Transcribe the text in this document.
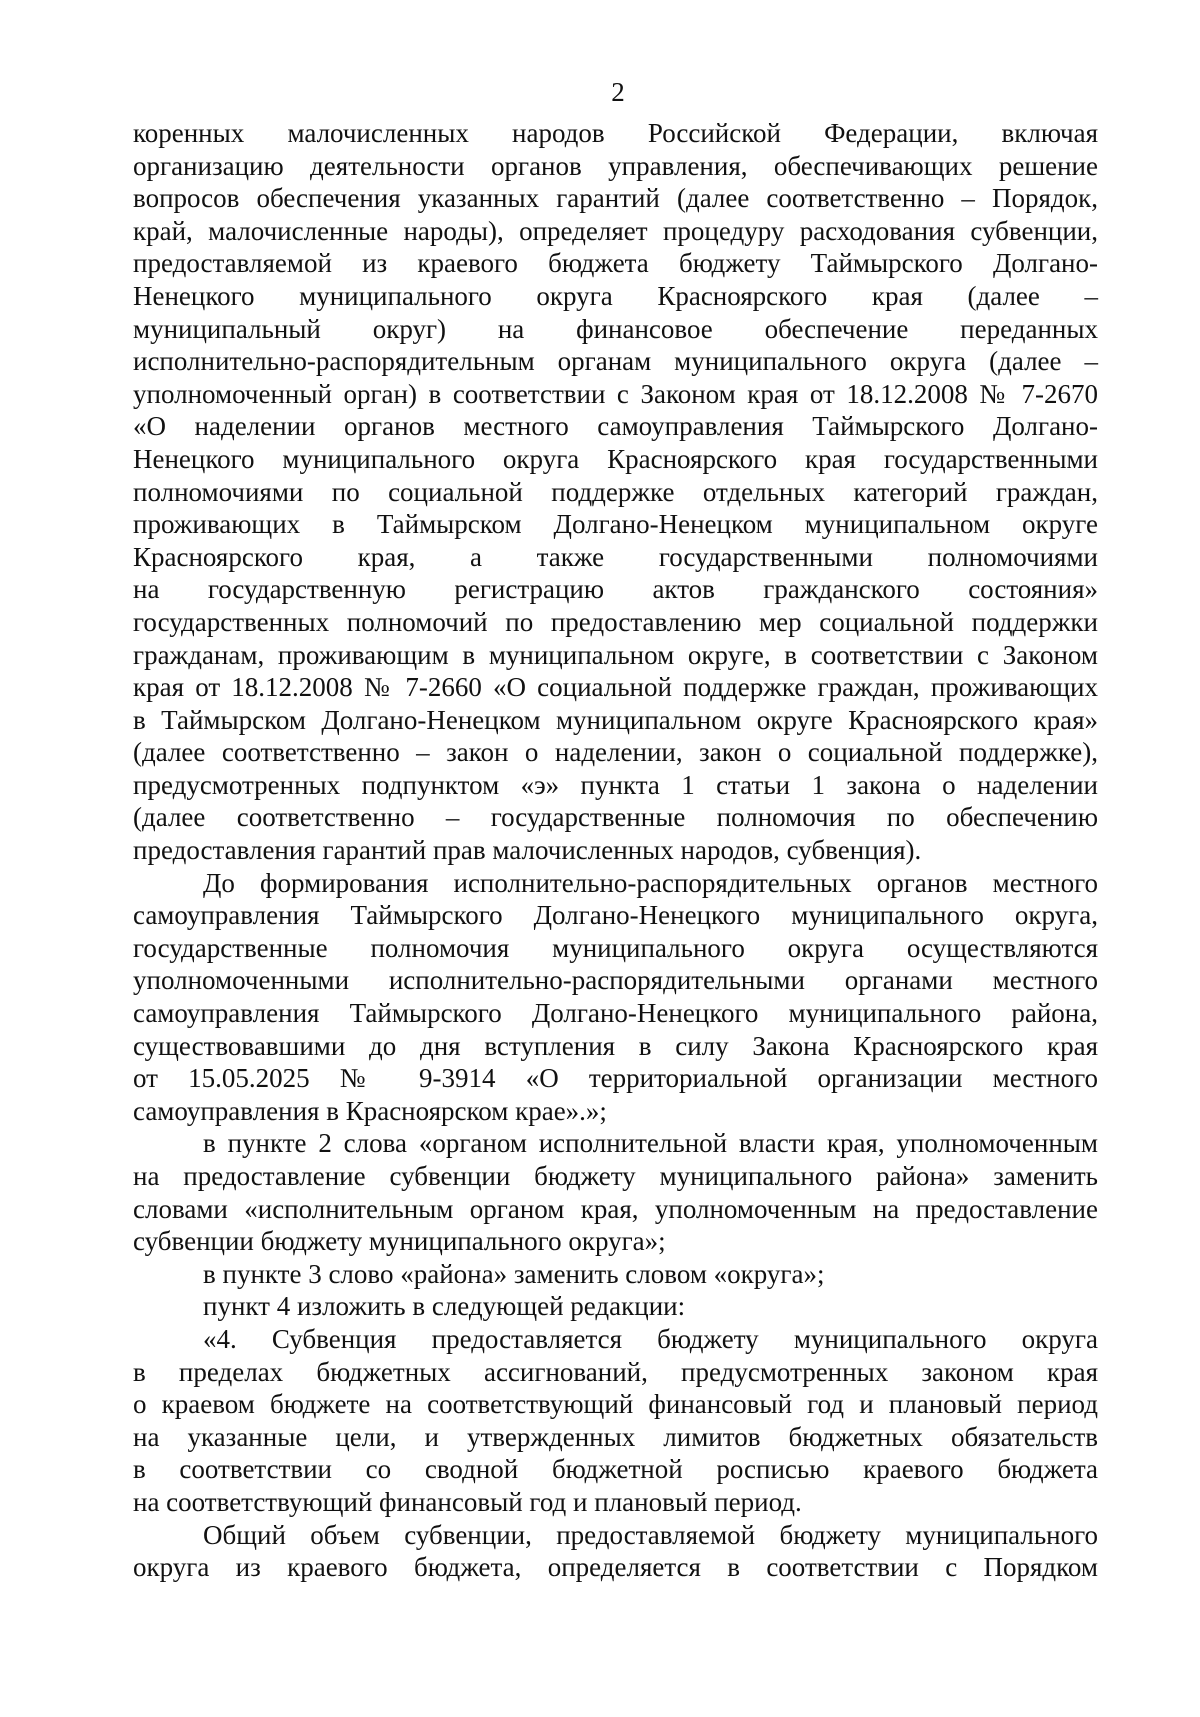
2
коренных малочисленных народов Российской Федерации, включая
организацию деятельности органов управления, обеспечивающих решение
вопросов обеспечения указанных гарантий (далее соответственно – Порядок,
край, малочисленные народы), определяет процедуру расходования субвенции,
предоставляемой из краевого бюджета бюджету Таймырского Долгано-
Ненецкого муниципального округа Красноярского края (далее –
муниципальный округ) на финансовое обеспечение переданных
исполнительно-распорядительным органам муниципального округа (далее –
уполномоченный орган) в соответствии с Законом края от 18.12.2008 № 7-2670
«О наделении органов местного самоуправления Таймырского Долгано-
Ненецкого муниципального округа Красноярского края государственными
полномочиями по социальной поддержке отдельных категорий граждан,
проживающих в Таймырском Долгано-Ненецком муниципальном округе
Красноярского края, а также государственными полномочиями
на государственную регистрацию актов гражданского состояния»
государственных полномочий по предоставлению мер социальной поддержки
гражданам, проживающим в муниципальном округе, в соответствии с Законом
края от 18.12.2008 № 7-2660 «О социальной поддержке граждан, проживающих
в Таймырском Долгано-Ненецком муниципальном округе Красноярского края»
(далее соответственно – закон о наделении, закон о социальной поддержке),
предусмотренных подпунктом «э» пункта 1 статьи 1 закона о наделении
(далее соответственно – государственные полномочия по обеспечению
предоставления гарантий прав малочисленных народов, субвенция).
До формирования исполнительно-распорядительных органов местного
самоуправления Таймырского Долгано-Ненецкого муниципального округа,
государственные полномочия муниципального округа осуществляются
уполномоченными исполнительно-распорядительными органами местного
самоуправления Таймырского Долгано-Ненецкого муниципального района,
существовавшими до дня вступления в силу Закона Красноярского края
от 15.05.2025 № 9-3914 «О территориальной организации местного
самоуправления в Красноярском крае».»;
в пункте 2 слова «органом исполнительной власти края, уполномоченным
на предоставление субвенции бюджету муниципального района» заменить
словами «исполнительным органом края, уполномоченным на предоставление
субвенции бюджету муниципального округа»;
в пункте 3 слово «района» заменить словом «округа»;
пункт 4 изложить в следующей редакции:
«4. Субвенция предоставляется бюджету муниципального округа
в пределах бюджетных ассигнований, предусмотренных законом края
о краевом бюджете на соответствующий финансовый год и плановый период
на указанные цели, и утвержденных лимитов бюджетных обязательств
в соответствии со сводной бюджетной росписью краевого бюджета
на соответствующий финансовый год и плановый период.
Общий объем субвенции, предоставляемой бюджету муниципального
округа из краевого бюджета, определяется в соответствии с Порядком
